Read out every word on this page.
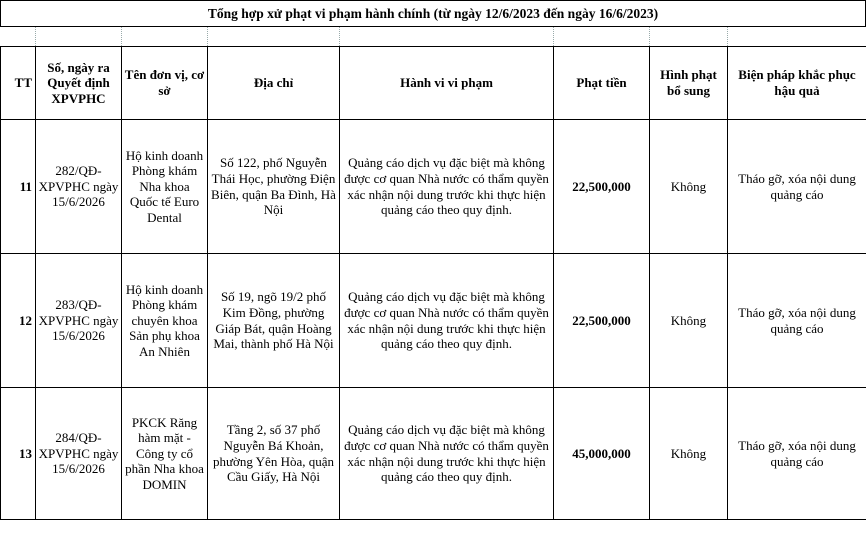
Tổng hợp xử phạt vi phạm hành chính (từ ngày 12/6/2023 đến ngày 16/6/2023)
TT	Số, ngày ra Quyết định XPVPHC	Tên đơn vị, cơ sở	Địa chỉ	Hành vi vi phạm	Phạt tiền	Hình phạt bổ sung	Biện pháp khắc phục hậu quả
11	282/QĐ-XPVPHC ngày 15/6/2026	Hộ kinh doanh Phòng khám Nha khoa Quốc tế Euro Dental	Số 122, phố Nguyễn Thái Học, phường Điện Biên, quận Ba Đình, Hà Nội	Quảng cáo dịch vụ đặc biệt mà không được cơ quan Nhà nước có thẩm quyền xác nhận nội dung trước khi thực hiện quảng cáo theo quy định.	22,500,000	Không	Tháo gỡ, xóa nội dung quảng cáo
12	283/QĐ-XPVPHC ngày 15/6/2026	Hộ kinh doanh Phòng khám chuyên khoa Sản phụ khoa An Nhiên	Số 19, ngõ 19/2 phố Kim Đồng, phường Giáp Bát, quận Hoàng Mai, thành phố Hà Nội	Quảng cáo dịch vụ đặc biệt mà không được cơ quan Nhà nước có thẩm quyền xác nhận nội dung trước khi thực hiện quảng cáo theo quy định.	22,500,000	Không	Tháo gỡ, xóa nội dung quảng cáo
13	284/QĐ-XPVPHC ngày 15/6/2026	PKCK Răng hàm mặt - Công ty cổ phần Nha khoa DOMIN	Tầng 2, số 37 phố Nguyễn Bá Khoản, phường Yên Hòa, quận Cầu Giấy, Hà Nội	Quảng cáo dịch vụ đặc biệt mà không được cơ quan Nhà nước có thẩm quyền xác nhận nội dung trước khi thực hiện quảng cáo theo quy định.	45,000,000	Không	Tháo gỡ, xóa nội dung quảng cáo
